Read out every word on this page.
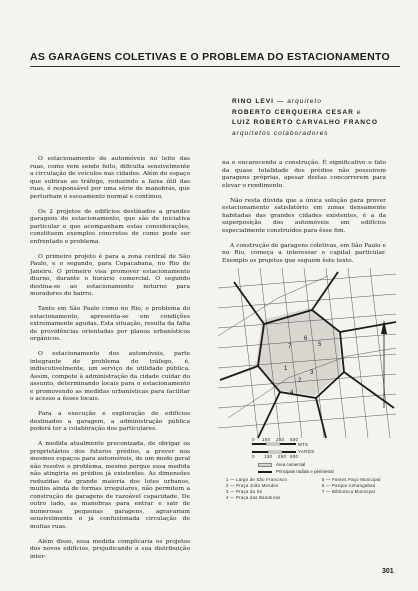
AS GARAGENS COLETIVAS E O PROBLEMA DO ESTACIONAMENTO
RINO LEVI — arquiteto
ROBERTO CERQUEIRA CESAR e
LUIZ ROBERTO CARVALHO FRANCO
arquitetos colaboradores

O estacionamento de automóveis no leito das ruas, como vem sendo feito, dificulta sensivelmente a circulação de veículos nas cidades. Além do espaço que subtrae ao tráfego, reduzindo a faixa útil das ruas, é responsável por uma série de manobras, que perturbam o escoamento normal e contínuo.

Os 2 projetos de edifícios destinados a grandes garagens de estacionamento, que são de iniciativa particular e que acompanham estas considerações, constituem exemplos concretos de como pode ser enfrentado o problema.

O primeiro projeto é para a zona central de São Paulo, e o segundo, para Copacabana, no Rio de Janeiro. O primeiro visa promover estacionamento diurno, durante o horário comercial. O segundo destina-se ao estacionamento noturno para moradores do bairro.

Tanto em São Paulo como no Rio, o problema do estacionamento, apresenta-se em condições extremamente agudas. Esta situação, resulta da falta de providências orientadas por planos urbanísticos orgânicos.

O estacionamento dos automóveis, parte integrante do problema do tráfego, é, indiscutivelmente, um serviço de utilidade pública. Assim, compete à administração da cidade cuidar do assunto, determinando locais para o estacionamento e promovendo as medidas urbanísticas para facilitar o acesso a êsses locais.

Para a execução e exploração de edifícios destinados a garagem, a administração pública poderá ter a colaboração dos particulares.

A medida atualmente preconizada, de obrigar os proprietários dos futuros prédios, a prever nos mesmos espaços para automóveis, de um modo geral não resolve o problema, mesmo porque essa medida não atingiria os prédios já existentes. As dimensões reduzidas da grande maioria dos lotes urbanos, muitos ainda de formas irregulares, não permitem a construção de garagens de razoável capacidade. De outro lado, as manobras para entrar e sair de numerosas pequenas garagens, agravariam sensivelmente o já confusionada circulação de muitas ruas.

Além disso, essa medida complicaria os projetos dos novos edifícios, prejudicando a sua distribuição inter-

na e encarecendo a construção. É significativo o fato da quase totalidade dos prédios não possuirem garagens próprias, apesar destas concorrerem para elevar o rendimento.

Não resta dúvida que a única solução para prover estacionamento satisfatório em zonas densamente habitadas das grandes cidades existentes, é a da superposição dos automóveis em edifícios especialmente construídos para êsse fim.

A construção de garagens coletivas, em São Paulo e no Rio, começa a interessar o capital particular. Exemplo os projetos que seguem êste texto.

1
2
3
4
5
6
7
0 100 250 500
MTS
0 100 250 500
YARDS
Área comercial
Principais radiais e perimetral
1 — Largo de São Francisco
2 — Praça João Mendes
3 — Praça da Sé
4 — Praça das Bandeiras
5 — Fontes Paço Municipal
6 — Parque Anhangabaú
7 — Biblioteca Municipal
301
